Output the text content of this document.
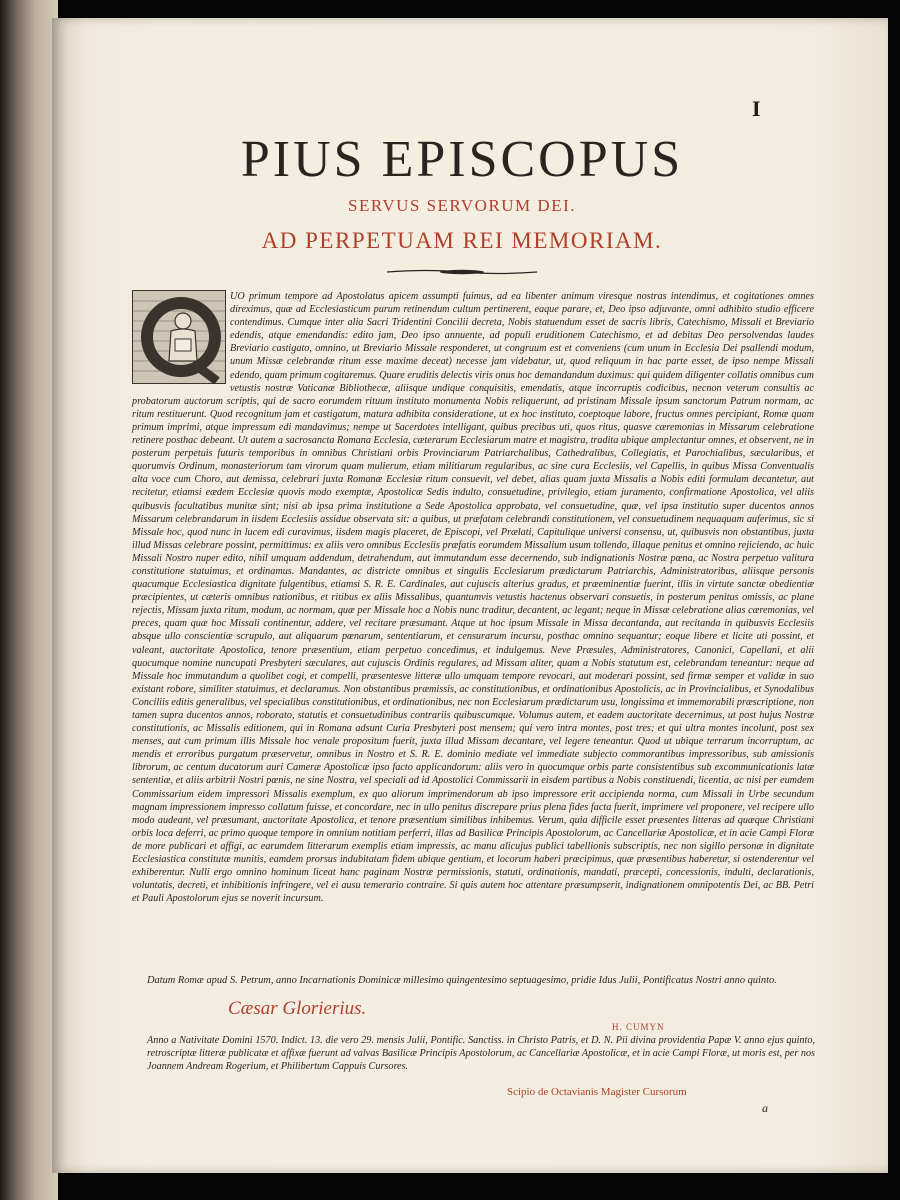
I
PIUS EPISCOPUS
SERVUS SERVORUM DEI.
AD PERPETUAM REI MEMORIAM.
UO primum tempore ad Apostolatus apicem assumpti fuimus, ad ea libenter animum viresque nostras intendimus, et cogitationes omnes direximus, quæ ad Ecclesiasticum purum retinendum cultum pertinerent, eaque parare, et, Deo ipso adjuvante, omni adhibito studio efficere contendimus. Cumque inter alia Sacri Tridentini Concilii decreta, Nobis statuendum esset de sacris libris, Catechismo, Missali et Breviario edendis, atque emendandis: edito jam, Deo ipso annuente, ad populi eruditionem Catechismo, et ad debitas Deo persolvendas laudes Breviario castigato, omnino, ut Breviario Missale responderet, ut congruum est et conveniens (cum unum in Ecclesia Dei psallendi modum, unum Missæ celebrandæ ritum esse maxime deceat) necesse jam videbatur, ut, quod reliquum in hac parte esset, de ipso nempe Missali edendo, quam primum cogitaremus. Quare eruditis delectis viris onus hoc demandandum duximus: qui quidem diligenter collatis omnibus cum vetustis nostræ Vaticanæ Bibliothecæ, aliisque undique conquisitis, emendatis, atque incorruptis codicibus, necnon veterum consultis ac probatorum auctorum scriptis, qui de sacro eorumdem rituum instituto monumenta Nobis reliquerunt, ad pristinam Missale ipsum sanctorum Patrum normam, ac ritum restituerunt. Quod recognitum jam et castigatum, matura adhibita consideratione, ut ex hoc instituto, coeptoque labore, fructus omnes percipiant, Romæ quam primum imprimi, atque impressum edi mandavimus; nempe ut Sacerdotes intelligant, quibus precibus uti, quos ritus, quasve cæremonias in Missarum celebratione retinere posthac debeant. Ut autem a sacrosancta Romana Ecclesia, cæterarum Ecclesiarum matre et magistra, tradita ubique amplectantur omnes, et observent, ne in posterum perpetuis futuris temporibus in omnibus Christiani orbis Provinciarum Patriarchalibus, Cathedralibus, Collegiatis, et Parochialibus, sæcularibus, et quorumvis Ordinum, monasteriorum tam virorum quam mulierum, etiam militiarum regularibus, ac sine cura Ecclesiis, vel Capellis, in quibus Missa Conventualis alta voce cum Choro, aut demissa, celebrari juxta Romanæ Ecclesiæ ritum consuevit, vel debet, alias quam juxta Missalis a Nobis editi formulam decantetur, aut recitetur, etiamsi eædem Ecclesiæ quovis modo exemptæ, Apostolicæ Sedis indulto, consuetudine, privilegio, etiam juramento, confirmatione Apostolica, vel aliis quibusvis facultatibus munitæ sint; nisi ab ipsa prima institutione a Sede Apostolica approbata, vel consuetudine, quæ, vel ipsa institutio super ducentos annos Missarum celebrandarum in iisdem Ecclesiis assidue observata sit: a quibus, ut præfatam celebrandi constitutionem, vel consuetudinem nequaquam auferimus, sic si Missale hoc, quod nunc in lucem edi curavimus, iisdem magis placeret, de Episcopi, vel Prælati, Capitulique universi consensu, ut, quibusvis non obstantibus, juxta illud Missas celebrare possint, permittimus: ex aliis vero omnibus Ecclesiis præfatis eorumdem Missalium usum tollendo, illaque penitus et omnino rejiciendo, ac huic Missali Nostro nuper edito, nihil umquam addendum, detrahendum, aut immutandum esse decernendo, sub indignationis Nostræ pœna, ac Nostra perpetuo valitura constitutione statuimus, et ordinamus. Mandantes, ac districte omnibus et singulis Ecclesiarum prædictarum Patriarchis, Administratoribus, aliisque personis quacumque Ecclesiastica dignitate fulgentibus, etiamsi S. R. E. Cardinales, aut cujuscis alterius gradus, et præeminentiæ fuerint, illis in virtute sanctæ obedientiæ præcipientes, ut cæteris omnibus rationibus, et ritibus ex aliis Missalibus, quantumvis vetustis hactenus observari consuetis, in posterum penitus omissis, ac plane rejectis, Missam juxta ritum, modum, ac normam, quæ per Missale hoc a Nobis nunc traditur, decantent, ac legant; neque in Missæ celebratione alias cæremonias, vel preces, quam quæ hoc Missali continentur, addere, vel recitare præsumant. Atque ut hoc ipsum Missale in Missa decantanda, aut recitanda in quibusvis Ecclesiis absque ullo conscientiæ scrupulo, aut aliquarum pœnarum, sententiarum, et censurarum incursu, posthac omnino sequantur; eoque libere et licite uti possint, et valeant, auctoritate Apostolica, tenore præsentium, etiam perpetuo concedimus, et indulgemus. Neve Præsules, Administratores, Canonici, Capellani, et alii quocumque nomine nuncupati Presbyteri sæculares, aut cujuscis Ordinis regulares, ad Missam aliter, quam a Nobis statutum est, celebrandam teneantur: neque ad Missale hoc immutandum a quolibet cogi, et compelli, præsentesve litteræ ullo umquam tempore revocari, aut moderari possint, sed firmæ semper et validæ in suo existant robore, similiter statuimus, et declaramus. Non obstantibus præmissis, ac constitutionibus, et ordinationibus Apostolicis, ac in Provincialibus, et Synodalibus Conciliis editis generalibus, vel specialibus constitutionibus, et ordinationibus, nec non Ecclesiarum prædictarum usu, longissima et immemorabili præscriptione, non tamen supra ducentos annos, roborato, statutis et consuetudinibus contrariis quibuscumque. Volumus autem, et eadem auctoritate decernimus, ut post hujus Nostræ constitutionis, ac Missalis editionem, qui in Romana adsunt Curia Presbyteri post mensem; qui vero intra montes, post tres; et qui ultra montes incolunt, post sex menses, aut cum primum illis Missale hoc venale propositum fuerit, juxta illud Missam decantare, vel legere teneantur. Quod ut ubique terrarum incorruptum, ac mendis et erroribus purgatum præservetur, omnibus in Nostro et S. R. E. dominio mediate vel immediate subjecto commorantibus impressoribus, sub amissionis librorum, ac centum ducatorum auri Cameræ Apostolicæ ipso facto applicandorum: aliis vero in quocumque orbis parte consistentibus sub excommunicationis latæ sententiæ, et aliis arbitrii Nostri pœnis, ne sine Nostra, vel speciali ad id Apostolici Commissarii in eisdem partibus a Nobis constituendi, licentia, ac nisi per eumdem Commissarium eidem impressori Missalis exemplum, ex quo aliorum imprimendorum ab ipso impressore erit accipienda norma, cum Missali in Urbe secundum magnam impressionem impresso collatum fuisse, et concordare, nec in ullo penitus discrepare prius plena fides facta fuerit, imprimere vel proponere, vel recipere ullo modo audeant, vel præsumant, auctoritate Apostolica, et tenore præsentium similibus inhibemus. Verum, quia difficile esset præsentes litteras ad quæque Christiani orbis loca deferri, ac primo quoque tempore in omnium notitiam perferri, illas ad Basilicæ Principis Apostolorum, ac Cancellariæ Apostolicæ, et in acie Campi Floræ de more publicari et affigi, ac earumdem litterarum exemplis etiam impressis, ac manu alicujus publici tabellionis subscriptis, nec non sigillo personæ in dignitate Ecclesiastica constitutæ munitis, eamdem prorsus indubitatam fidem ubique gentium, et locorum haberi præcipimus, quæ præsentibus haberetur, si ostenderentur vel exhiberentur. Nulli ergo omnino hominum liceat hanc paginam Nostræ permissionis, statuti, ordinationis, mandati, præcepti, concessionis, indulti, declarationis, voluntatis, decreti, et inhibitionis infringere, vel ei ausu temerario contraire. Si quis autem hoc attentare præsumpserit, indignationem omnipotentis Dei, ac BB. Petri et Pauli Apostolorum ejus se noverit incursum.
Datum Romæ apud S. Petrum, anno Incarnationis Dominicæ millesimo quingentesimo septuagesimo, pridie Idus Julii, Pontificatus Nostri anno quinto.
Cæsar Glorierius.
H. CUMYN
Anno a Nativitate Domini 1570. Indict. 13. die vero 29. mensis Julii, Pontific. Sanctiss. in Christo Patris, et D. N. Pii divina providentia Papæ V. anno ejus quinto, retroscriptæ litteræ publicatæ et affixæ fuerunt ad valvas Basilicæ Principis Apostolorum, ac Cancellariæ Apostolicæ, et in acie Campi Floræ, ut moris est, per nos Joannem Andream Rogerium, et Philibertum Cappuis Cursores.
Scipio de Octavianis Magister Cursorum
a
